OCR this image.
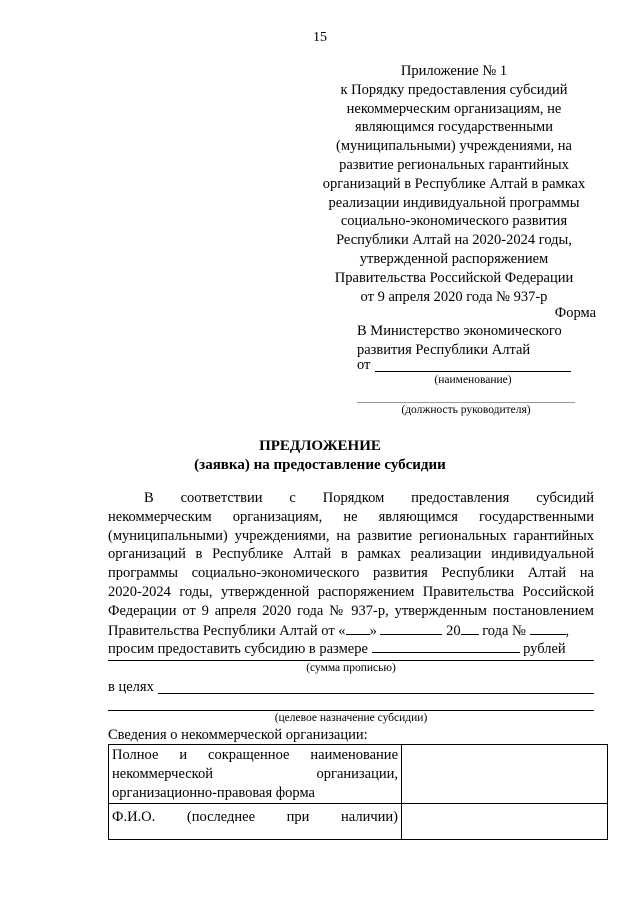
15
Приложение № 1
к Порядку предоставления субсидий
некоммерческим организациям, не
являющимся государственными
(муниципальными) учреждениями, на
развитие региональных гарантийных
организаций в Республике Алтай в рамках
реализации индивидуальной программы
социально-экономического развития
Республики Алтай на 2020-2024 годы,
утвержденной распоряжением
Правительства Российской Федерации
от 9 апреля 2020 года № 937-р
Форма
В Министерство экономического
развития Республики Алтай
от
(наименование)
(должность руководителя)
ПРЕДЛОЖЕНИЕ
(заявка) на предоставление субсидии
В соответствии с Порядком предоставления субсидий
некоммерческим организациям, не являющимся государственными
(муниципальными) учреждениями, на развитие региональных гарантийных
организаций в Республике Алтай в рамках реализации индивидуальной
программы социально-экономического развития Республики Алтай на
2020-2024 годы, утвержденной распоряжением Правительства Российской
Федерации от 9 апреля 2020 года № 937-р, утвержденным постановлением
Правительства Республики Алтай от « »	20 года № ,
просим предоставить субсидию в размере	рублей
(сумма прописью)
в целях
(целевое назначение субсидии)
Сведения о некоммерческой организации:
Полное и сокращенное наименование
некоммерческой организации,
организационно-правовая форма	

Ф.И.О. (последнее при наличии)	
